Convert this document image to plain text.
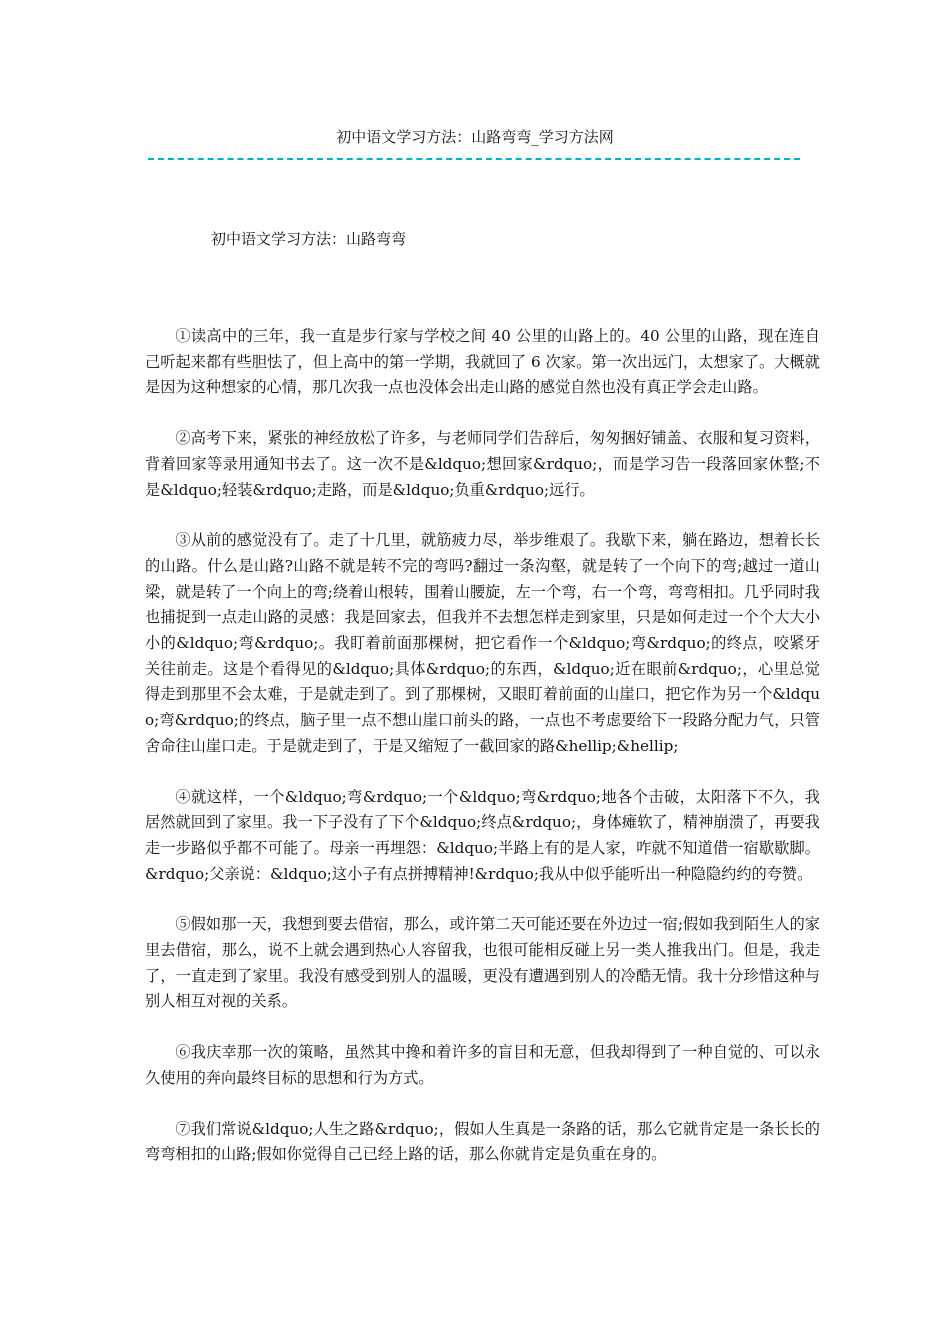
初中语文学习方法：山路弯弯_学习方法网
初中语文学习方法：山路弯弯

①读高中的三年，我一直是步行家与学校之间 40 公里的山路上的。40 公里的山路，现在连自己听起来都有些胆怯了，但上高中的第一学期，我就回了 6 次家。第一次出远门，太想家了。大概就是因为这种想家的心情，那几次我一点也没体会出走山路的感觉自然也没有真正学会走山路。

②高考下来，紧张的神经放松了许多，与老师同学们告辞后，匆匆捆好铺盖、衣服和复习资料，背着回家等录用通知书去了。这一次不是&ldquo;想回家&rdquo;，而是学习告一段落回家休整;不是&ldquo;轻装&rdquo;走路，而是&ldquo;负重&rdquo;远行。

③从前的感觉没有了。走了十几里，就筋疲力尽，举步维艰了。我歇下来，躺在路边，想着长长的山路。什么是山路?山路不就是转不完的弯吗?翻过一条沟壑，就是转了一个向下的弯;越过一道山梁，就是转了一个向上的弯;绕着山根转，围着山腰旋，左一个弯，右一个弯，弯弯相扣。几乎同时我也捕捉到一点走山路的灵感：我是回家去，但我并不去想怎样走到家里，只是如何走过一个个大大小小的&ldquo;弯&rdquo;。我盯着前面那棵树，把它看作一个&ldquo;弯&rdquo;的终点，咬紧牙关往前走。这是个看得见的&ldquo;具体&rdquo;的东西，&ldquo;近在眼前&rdquo;，心里总觉得走到那里不会太难，于是就走到了。到了那棵树，又眼盯着前面的山崖口，把它作为另一个&ldquo;弯&rdquo;的终点，脑子里一点不想山崖口前头的路，一点也不考虑要给下一段路分配力气，只管舍命往山崖口走。于是就走到了，于是又缩短了一截回家的路&hellip;&hellip;

④就这样，一个&ldquo;弯&rdquo;一个&ldquo;弯&rdquo;地各个击破，太阳落下不久，我居然就回到了家里。我一下子没有了下个&ldquo;终点&rdquo;，身体瘫软了，精神崩溃了，再要我走一步路似乎都不可能了。母亲一再埋怨：&ldquo;半路上有的是人家，咋就不知道借一宿歇歇脚。&rdquo;父亲说：&ldquo;这小子有点拼搏精神!&rdquo;我从中似乎能听出一种隐隐约约的夸赞。

⑤假如那一天，我想到要去借宿，那么，或许第二天可能还要在外边过一宿;假如我到陌生人的家里去借宿，那么，说不上就会遇到热心人容留我，也很可能相反碰上另一类人推我出门。但是，我走了，一直走到了家里。我没有感受到别人的温暖，更没有遭遇到别人的冷酷无情。我十分珍惜这种与别人相互对视的关系。

⑥我庆幸那一次的策略，虽然其中搀和着许多的盲目和无意，但我却得到了一种自觉的、可以永久使用的奔向最终目标的思想和行为方式。

⑦我们常说&ldquo;人生之路&rdquo;，假如人生真是一条路的话，那么它就肯定是一条长长的弯弯相扣的山路;假如你觉得自己已经上路的话，那么你就肯定是负重在身的。
